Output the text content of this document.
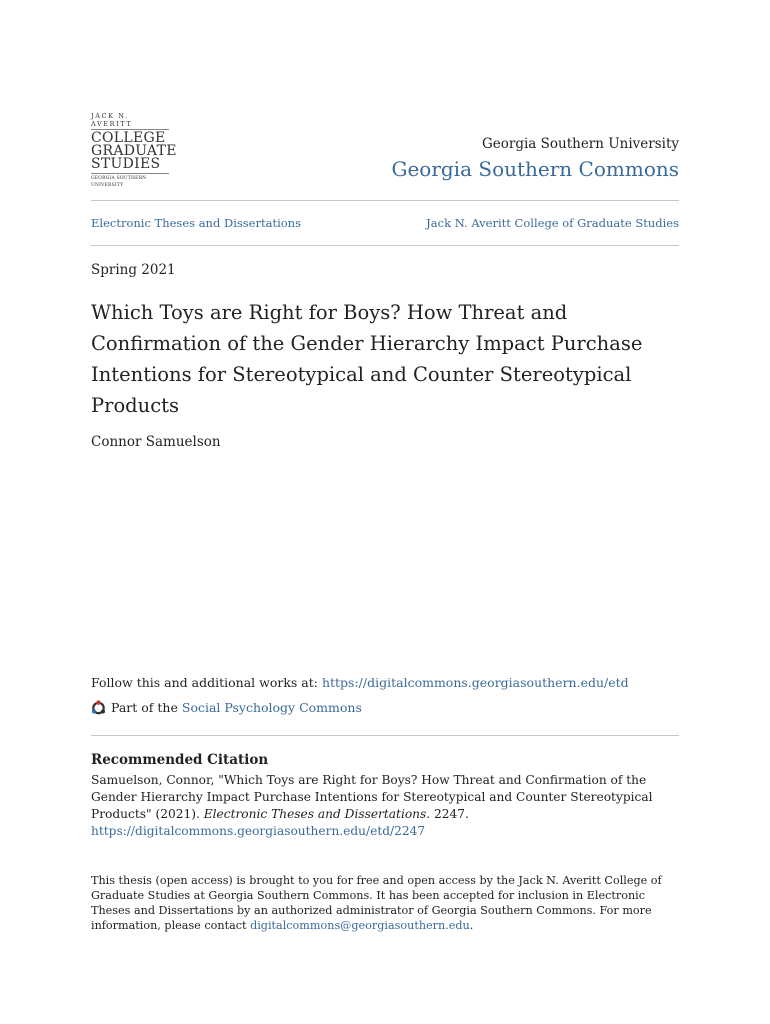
JACK N. AVERITT
COLLEGE
GRADUATE
STUDIES
GEORGIA SOUTHERN UNIVERSITY
Georgia Southern University
Georgia Southern Commons
Electronic Theses and Dissertations	Jack N. Averitt College of Graduate Studies
Spring 2021
Which Toys are Right for Boys? How Threat and Confirmation of the Gender Hierarchy Impact Purchase Intentions for Stereotypical and Counter Stereotypical Products
Connor Samuelson
Follow this and additional works at: https://digitalcommons.georgiasouthern.edu/etd
Part of the Social Psychology Commons
Recommended Citation
Samuelson, Connor, "Which Toys are Right for Boys? How Threat and Confirmation of the Gender Hierarchy Impact Purchase Intentions for Stereotypical and Counter Stereotypical Products" (2021). Electronic Theses and Dissertations. 2247.
https://digitalcommons.georgiasouthern.edu/etd/2247
This thesis (open access) is brought to you for free and open access by the Jack N. Averitt College of Graduate Studies at Georgia Southern Commons. It has been accepted for inclusion in Electronic Theses and Dissertations by an authorized administrator of Georgia Southern Commons. For more information, please contact digitalcommons@georgiasouthern.edu.
